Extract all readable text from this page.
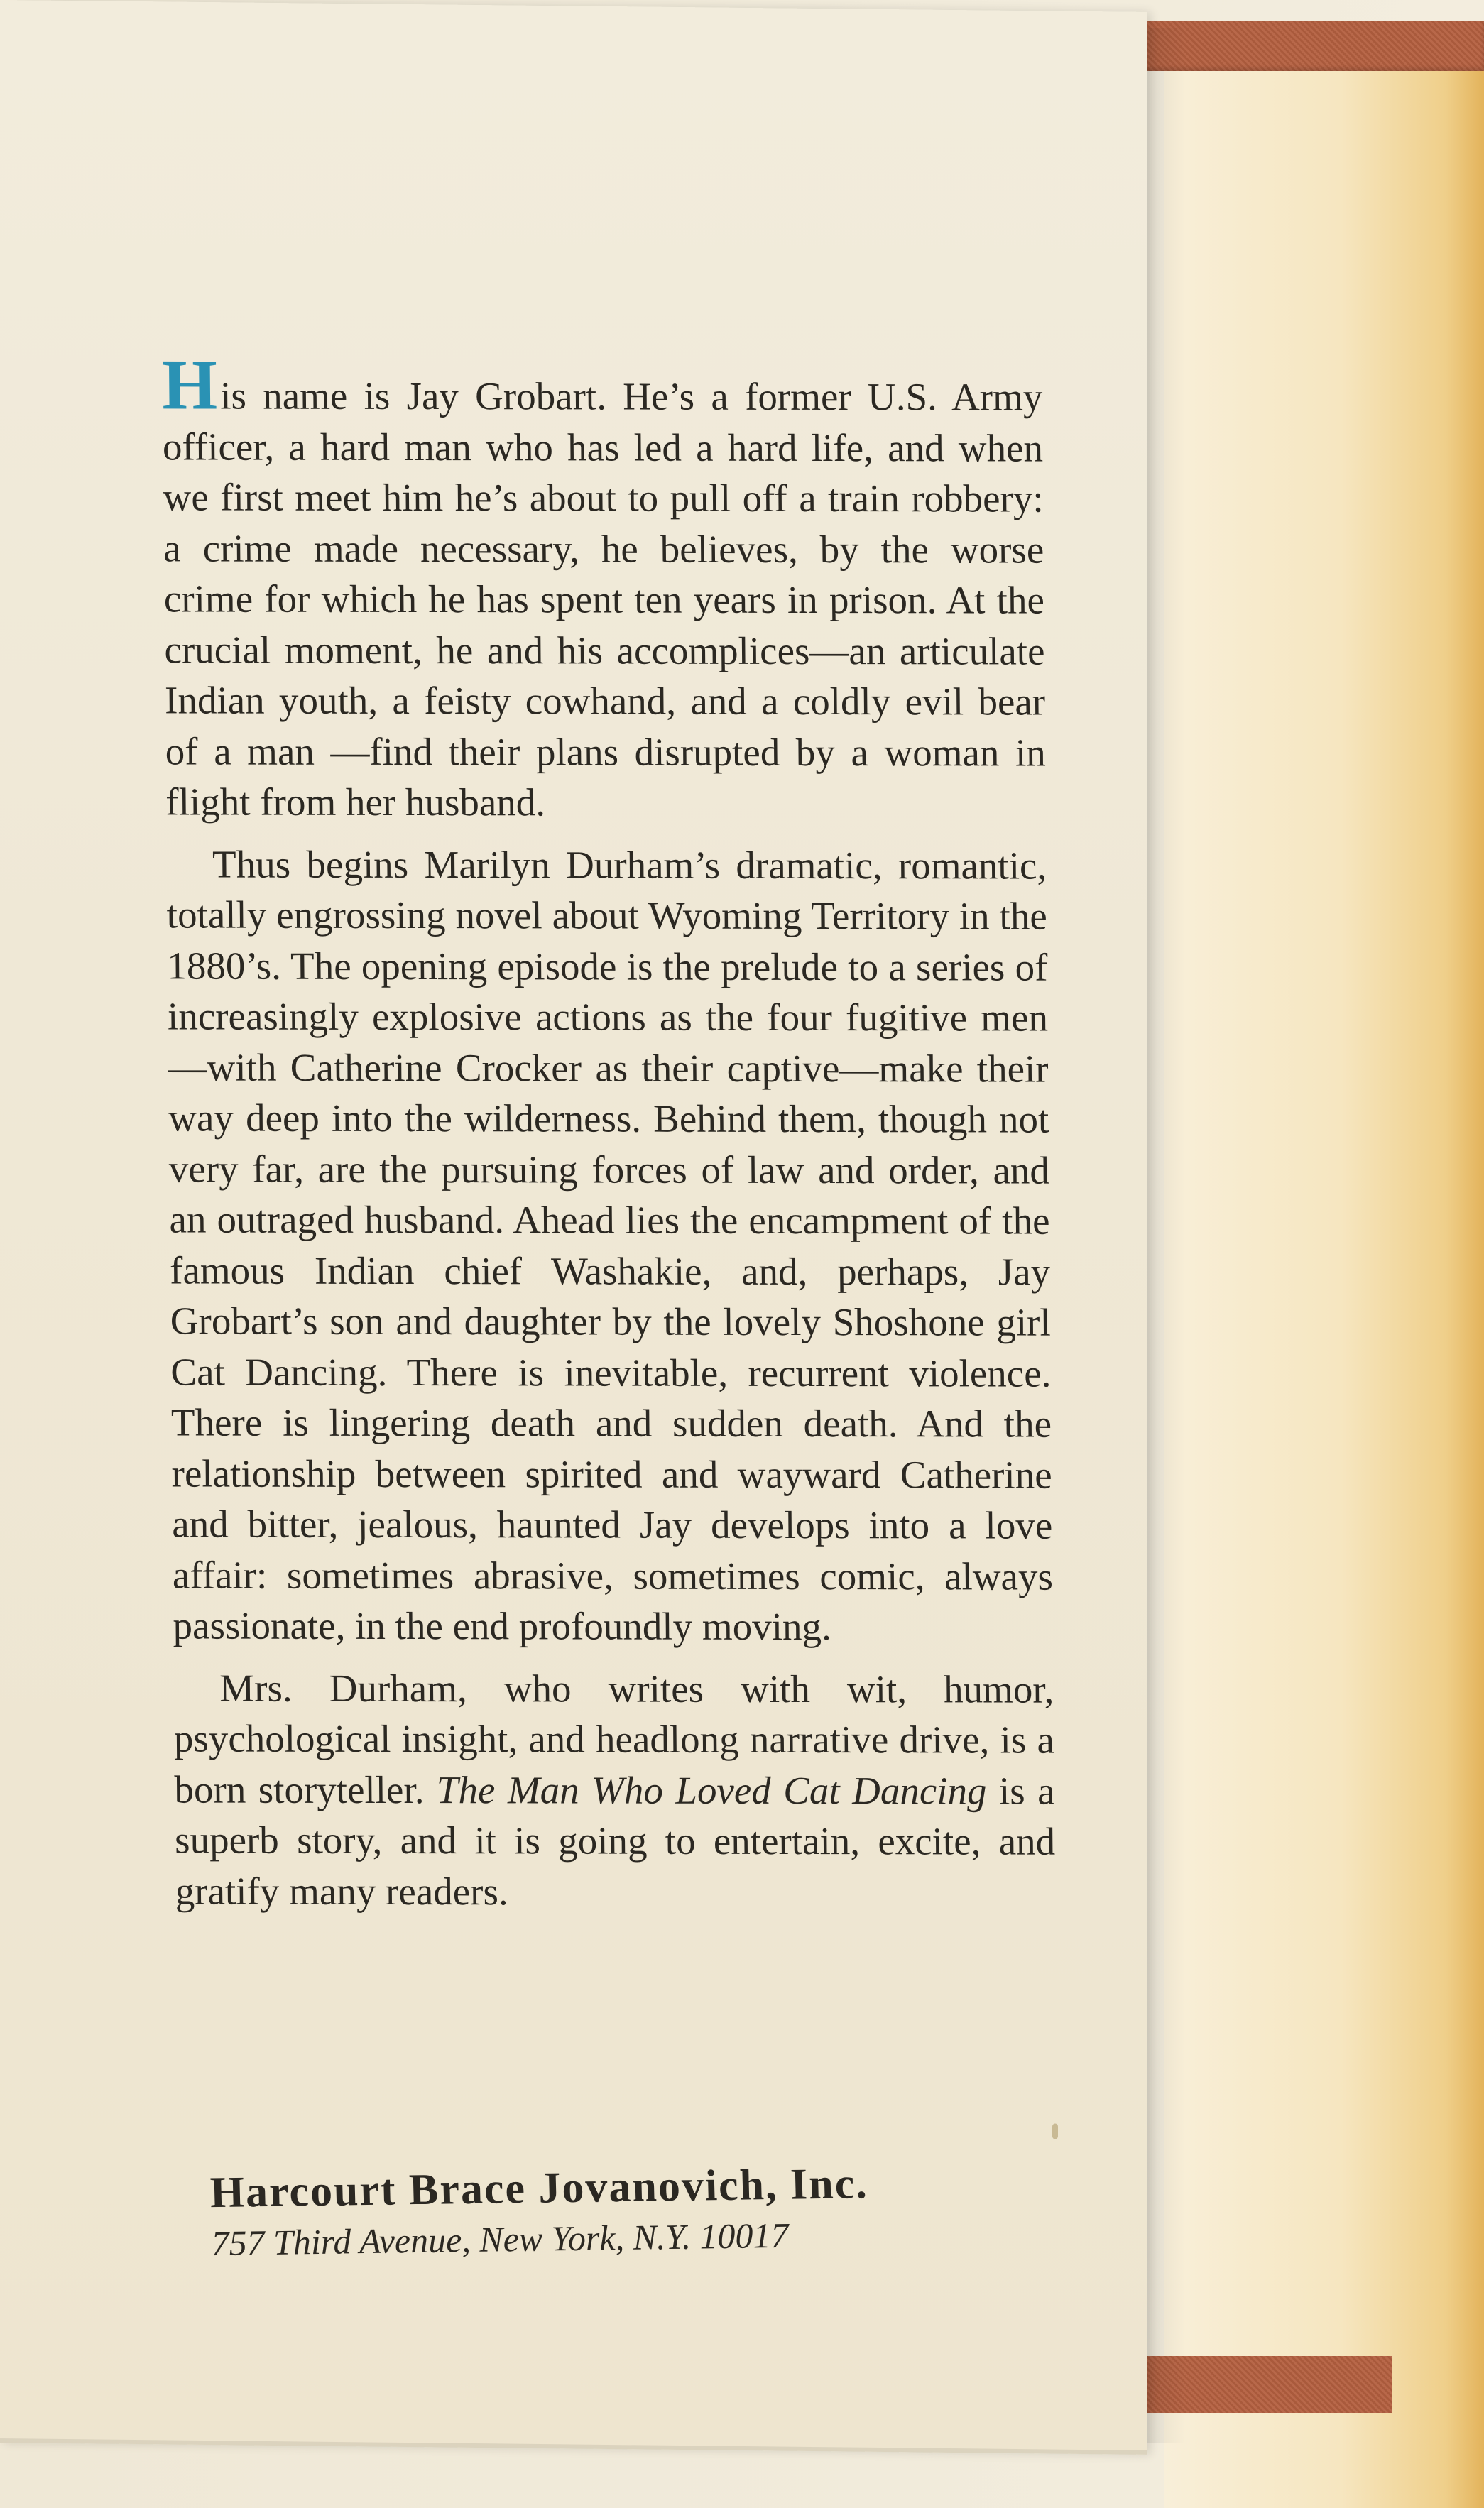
His name is Jay Grobart. He’s a former U.S. Army officer, a hard man who has led a hard life, and when we first meet him he’s about to pull off a train robbery: a crime made necessary, he believes, by the worse crime for which he has spent ten years in prison. At the crucial moment, he and his accomplices—an articulate Indian youth, a feisty cowhand, and a coldly evil bear of a man —find their plans disrupted by a woman in flight from her husband.

Thus begins Marilyn Durham’s dramatic, romantic, totally engrossing novel about Wyoming Territory in the 1880’s. The opening episode is the prelude to a series of increasingly explosive actions as the four fugitive men—with Catherine Crocker as their captive—make their way deep into the wilderness. Behind them, though not very far, are the pursuing forces of law and order, and an outraged husband. Ahead lies the encampment of the famous Indian chief Washakie, and, perhaps, Jay Grobart’s son and daughter by the lovely Shoshone girl Cat Dancing. There is inevitable, recurrent violence. There is lingering death and sudden death. And the relationship between spirited and wayward Catherine and bitter, jealous, haunted Jay develops into a love affair: sometimes abrasive, sometimes comic, always passionate, in the end profoundly moving.

Mrs. Durham, who writes with wit, humor, psychological insight, and headlong narrative drive, is a born storyteller. The Man Who Loved Cat Dancing is a superb story, and it is going to entertain, excite, and gratify many readers.

Harcourt Brace Jovanovich, Inc.
757 Third Avenue, New York, N.Y. 10017
